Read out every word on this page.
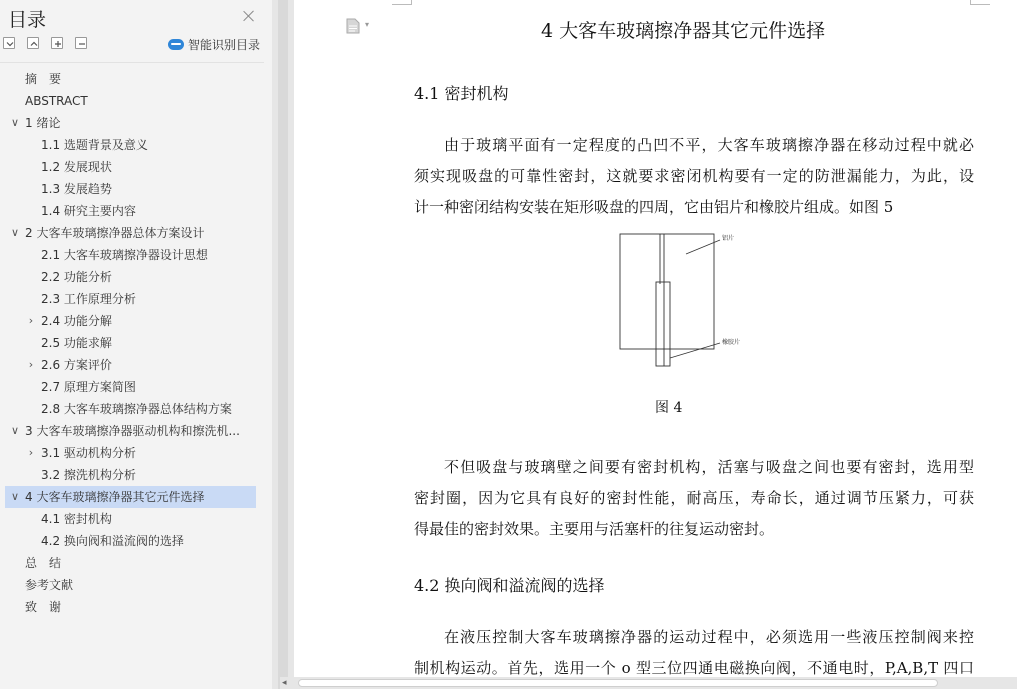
目录
智能识别目录
摘　要
ABSTRACT
∨ 1 绪论
1.1 选题背景及意义
1.2 发展现状
1.3 发展趋势
1.4 研究主要内容
∨ 2 大客车玻璃擦净器总体方案设计
2.1 大客车玻璃擦净器设计思想
2.2 功能分析
2.3 工作原理分析
› 2.4 功能分解
2.5 功能求解
› 2.6 方案评价
2.7 原理方案简图
2.8 大客车玻璃擦净器总体结构方案
∨ 3 大客车玻璃擦净器驱动机构和擦洗机...
› 3.1 驱动机构分析
3.2 擦洗机构分析
∨ 4 大客车玻璃擦净器其它元件选择
4.1 密封机构
4.2 换向阀和溢流阀的选择
总　结
参考文献
致　谢
▾	4 大客车玻璃擦净器其它元件选择
4.1 密封机构
由于玻璃平面有一定程度的凸凹不平，大客车玻璃擦净器在移动过程中就必
须实现吸盘的可靠性密封，这就要求密闭机构要有一定的防泄漏能力，为此，设
计一种密闭结构安装在矩形吸盘的四周，它由铝片和橡胶片组成。如图 5
铝片
橡胶片
图 4
不但吸盘与玻璃壁之间要有密封机构，活塞与吸盘之间也要有密封，选用型
密封圈，因为它具有良好的密封性能，耐高压，寿命长，通过调节压紧力，可获
得最佳的密封效果。主要用与活塞杆的往复运动密封。
4.2 换向阀和溢流阀的选择
在液压控制大客车玻璃擦净器的运动过程中，必须选用一些液压控制阀来控
制机构运动。首先，选用一个 o 型三位四通电磁换向阀，不通电时，P,A,B,T 四口
◂
